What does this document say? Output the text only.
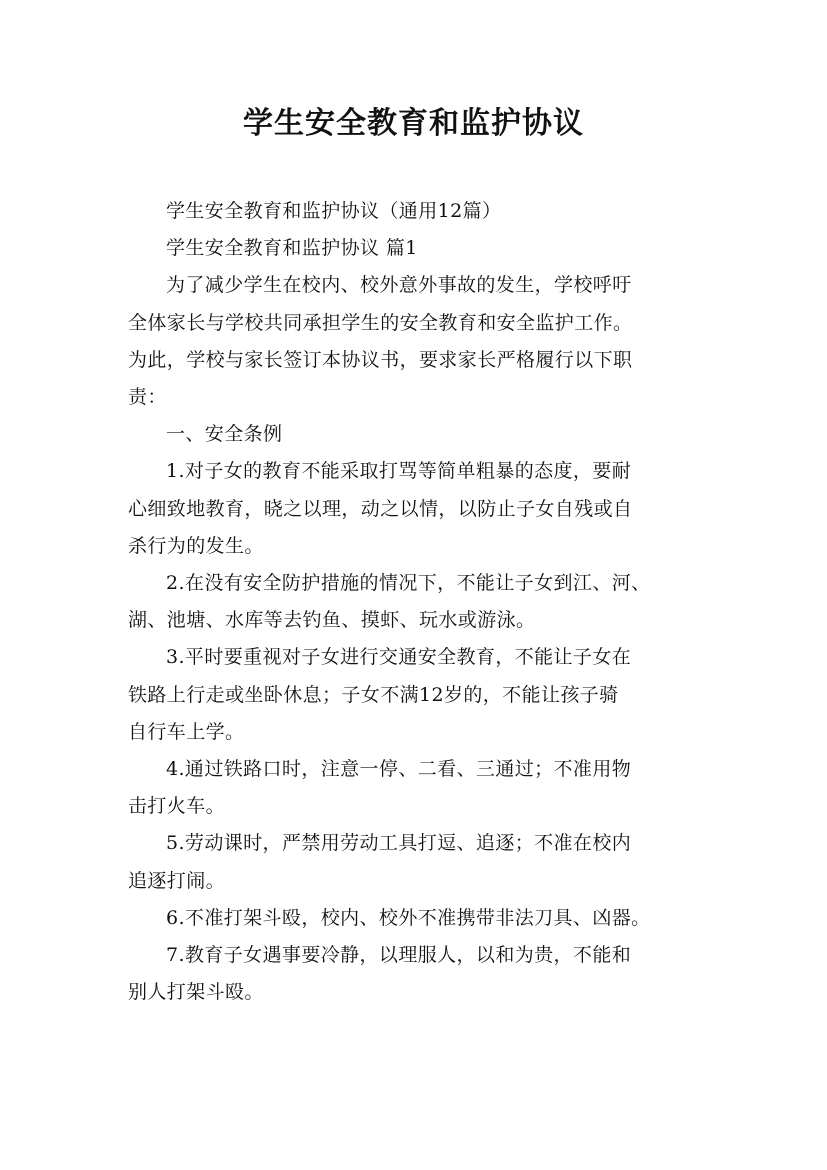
学生安全教育和监护协议

学生安全教育和监护协议（通用12篇）

学生安全教育和监护协议 篇1

为了减少学生在校内、校外意外事故的发生，学校呼吁
全体家长与学校共同承担学生的安全教育和安全监护工作。
为此，学校与家长签订本协议书，要求家长严格履行以下职
责：

一、安全条例

1.对子女的教育不能采取打骂等简单粗暴的态度，要耐
心细致地教育，晓之以理，动之以情，以防止子女自残或自
杀行为的发生。

2.在没有安全防护措施的情况下，不能让子女到江、河、
湖、池塘、水库等去钓鱼、摸虾、玩水或游泳。

3.平时要重视对子女进行交通安全教育，不能让子女在
铁路上行走或坐卧休息；子女不满12岁的，不能让孩子骑
自行车上学。

4.通过铁路口时，注意一停、二看、三通过；不准用物
击打火车。

5.劳动课时，严禁用劳动工具打逗、追逐；不准在校内
追逐打闹。

6.不准打架斗殴，校内、校外不准携带非法刀具、凶器。

7.教育子女遇事要冷静，以理服人，以和为贵，不能和
别人打架斗殴。
